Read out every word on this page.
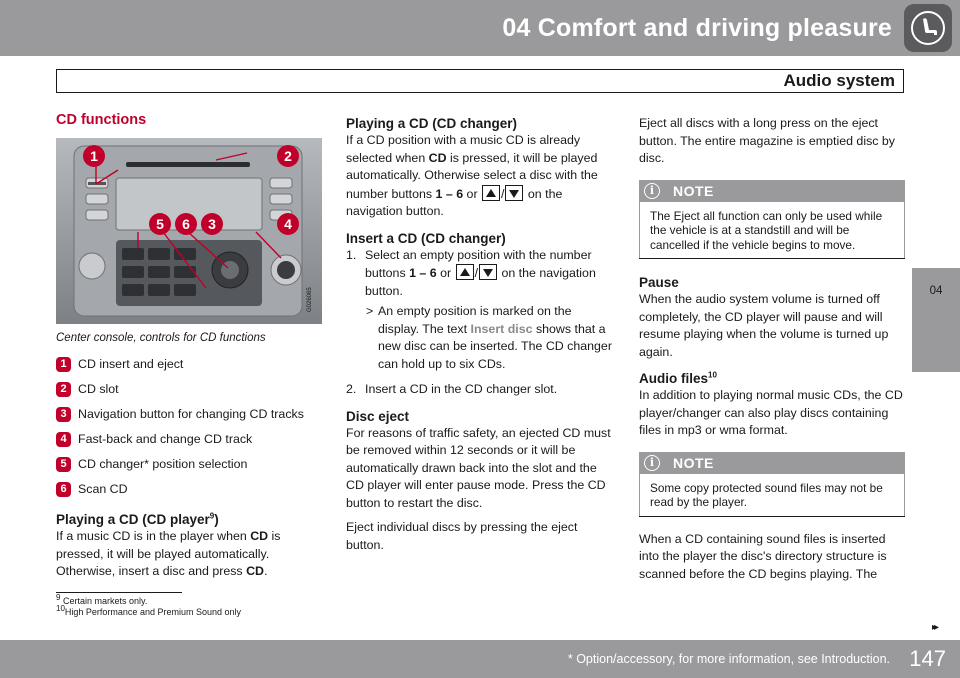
04 Comfort and driving pleasure
Audio system
CD functions
1	2
5 6 3	4
G026065

Center console, controls for CD functions

1 CD insert and eject
2 CD slot
3 Navigation button for changing CD tracks
4 Fast-back and change CD track
5 CD changer* position selection
6 Scan CD
Playing a CD (CD player$^9$)

If a music CD is in the player when CD is pressed, it will be played automatically. Otherwise, insert a disc and press CD.

Playing a CD (CD changer)

If a CD position with a music CD is already selected when CD is pressed, it will be played automatically. Otherwise select a disc with the number buttons 1 – 6 or / on the navigation button.

Insert a CD (CD changer)
1. Select an empty position with the number buttons 1 – 6 or / on the navigation button.

> An empty position is marked on the display. The text Insert disc shows that a new disc can be inserted. The CD changer can hold up to six CDs.

2. Insert a CD in the CD changer slot.

Disc eject

For reasons of traffic safety, an ejected CD must be removed within 12 seconds or it will be automatically drawn back into the slot and the CD player will enter pause mode. Press the CD button to restart the disc.

Eject individual discs by pressing the eject button.

Eject all discs with a long press on the eject button. The entire magazine is emptied disc by disc.

i	NOTE
The Eject all function can only be used while the vehicle is at a standstill and will be cancelled if the vehicle begins to move.
Pause

When the audio system volume is turned off completely, the CD player will pause and will resume playing when the volume is turned up again.

Audio files$^{10}$

In addition to playing normal music CDs, the CD player/changer can also play discs containing files in mp3 or wma format.

i	NOTE
Some copy protected sound files may not be read by the player.

When a CD containing sound files is inserted into the player the disc's directory structure is scanned before the CD begins playing. The

04
9 Certain markets only.
10High Performance and Premium Sound only
▸▸
* Option/accessory, for more information, see Introduction. 147
